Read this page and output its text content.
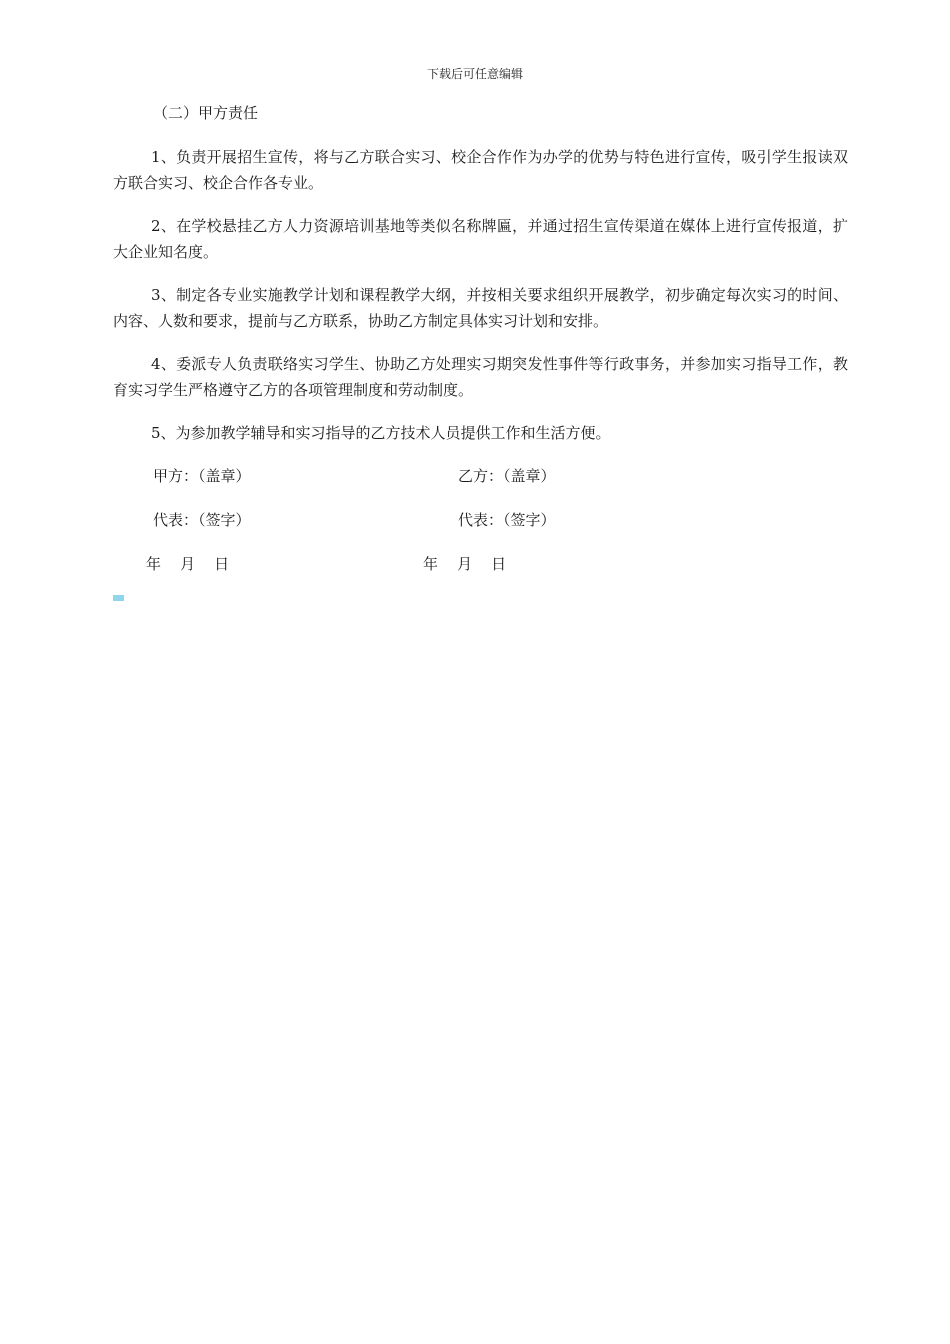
下载后可任意编辑

（二）甲方责任

1、负责开展招生宣传，将与乙方联合实习、校企合作作为办学的优势与特色进行宣传，吸引学生报读双方联合实习、校企合作各专业。

2、在学校悬挂乙方人力资源培训基地等类似名称牌匾，并通过招生宣传渠道在媒体上进行宣传报道，扩大企业知名度。

3、制定各专业实施教学计划和课程教学大纲，并按相关要求组织开展教学，初步确定每次实习的时间、内容、人数和要求，提前与乙方联系，协助乙方制定具体实习计划和安排。

4、委派专人负责联络实习学生、协助乙方处理实习期突发性事件等行政事务，并参加实习指导工作，教育实习学生严格遵守乙方的各项管理制度和劳动制度。

5、为参加教学辅导和实习指导的乙方技术人员提供工作和生活方便。

甲方：（盖章）	乙方：（盖章）
代表：（签字）	代表：（签字）
年    月    日	年    月    日
